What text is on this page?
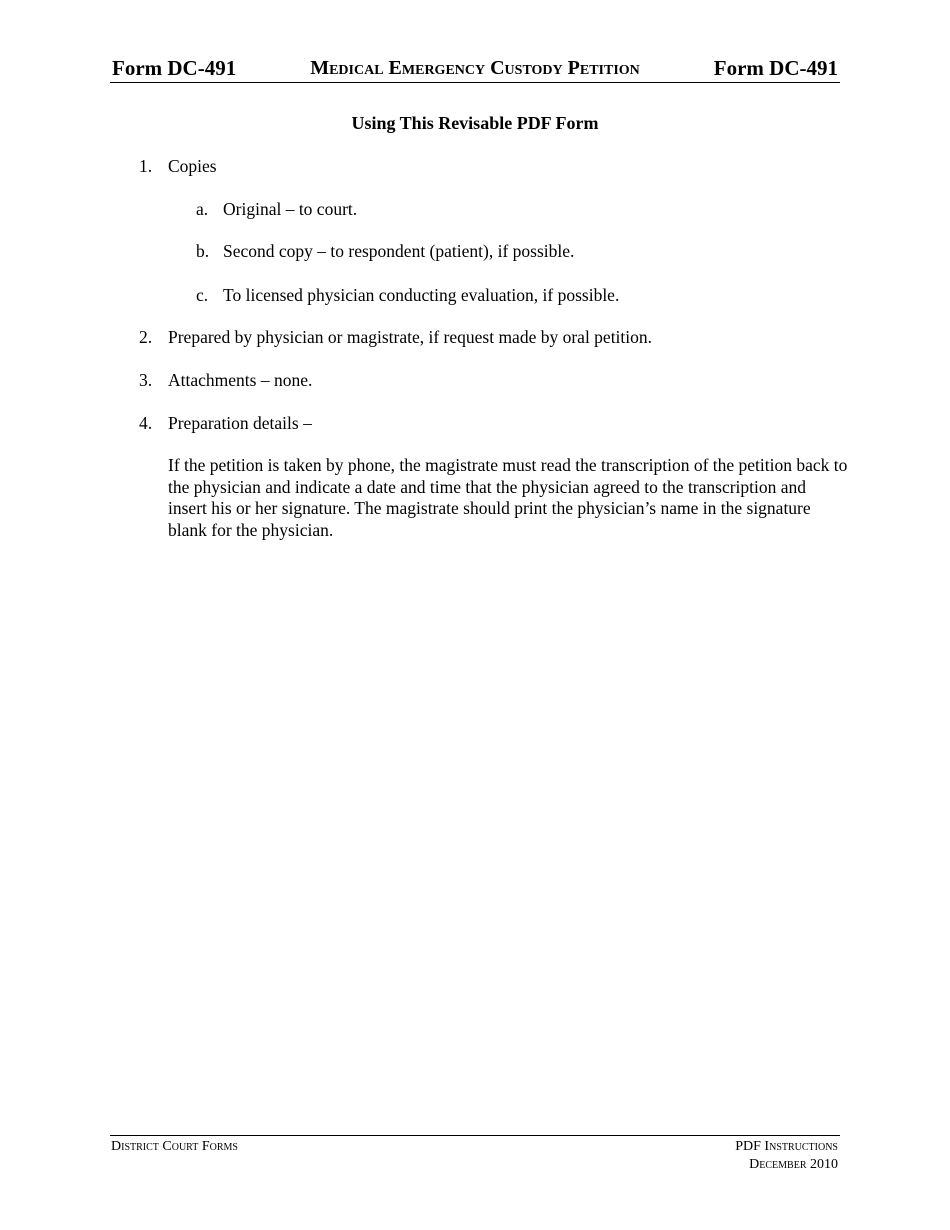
Form DC-491	Medical Emergency Custody Petition	Form DC-491
Using This Revisable PDF Form
1. Copies
a. Original – to court.
b. Second copy – to respondent (patient), if possible.
c. To licensed physician conducting evaluation, if possible.
2. Prepared by physician or magistrate, if request made by oral petition.
3. Attachments – none.
4. Preparation details –
If the petition is taken by phone, the magistrate must read the transcription of the petition back to the physician and indicate a date and time that the physician agreed to the transcription and insert his or her signature. The magistrate should print the physician’s name in the signature blank for the physician.
District Court Forms	PDF Instructions
December 2010
